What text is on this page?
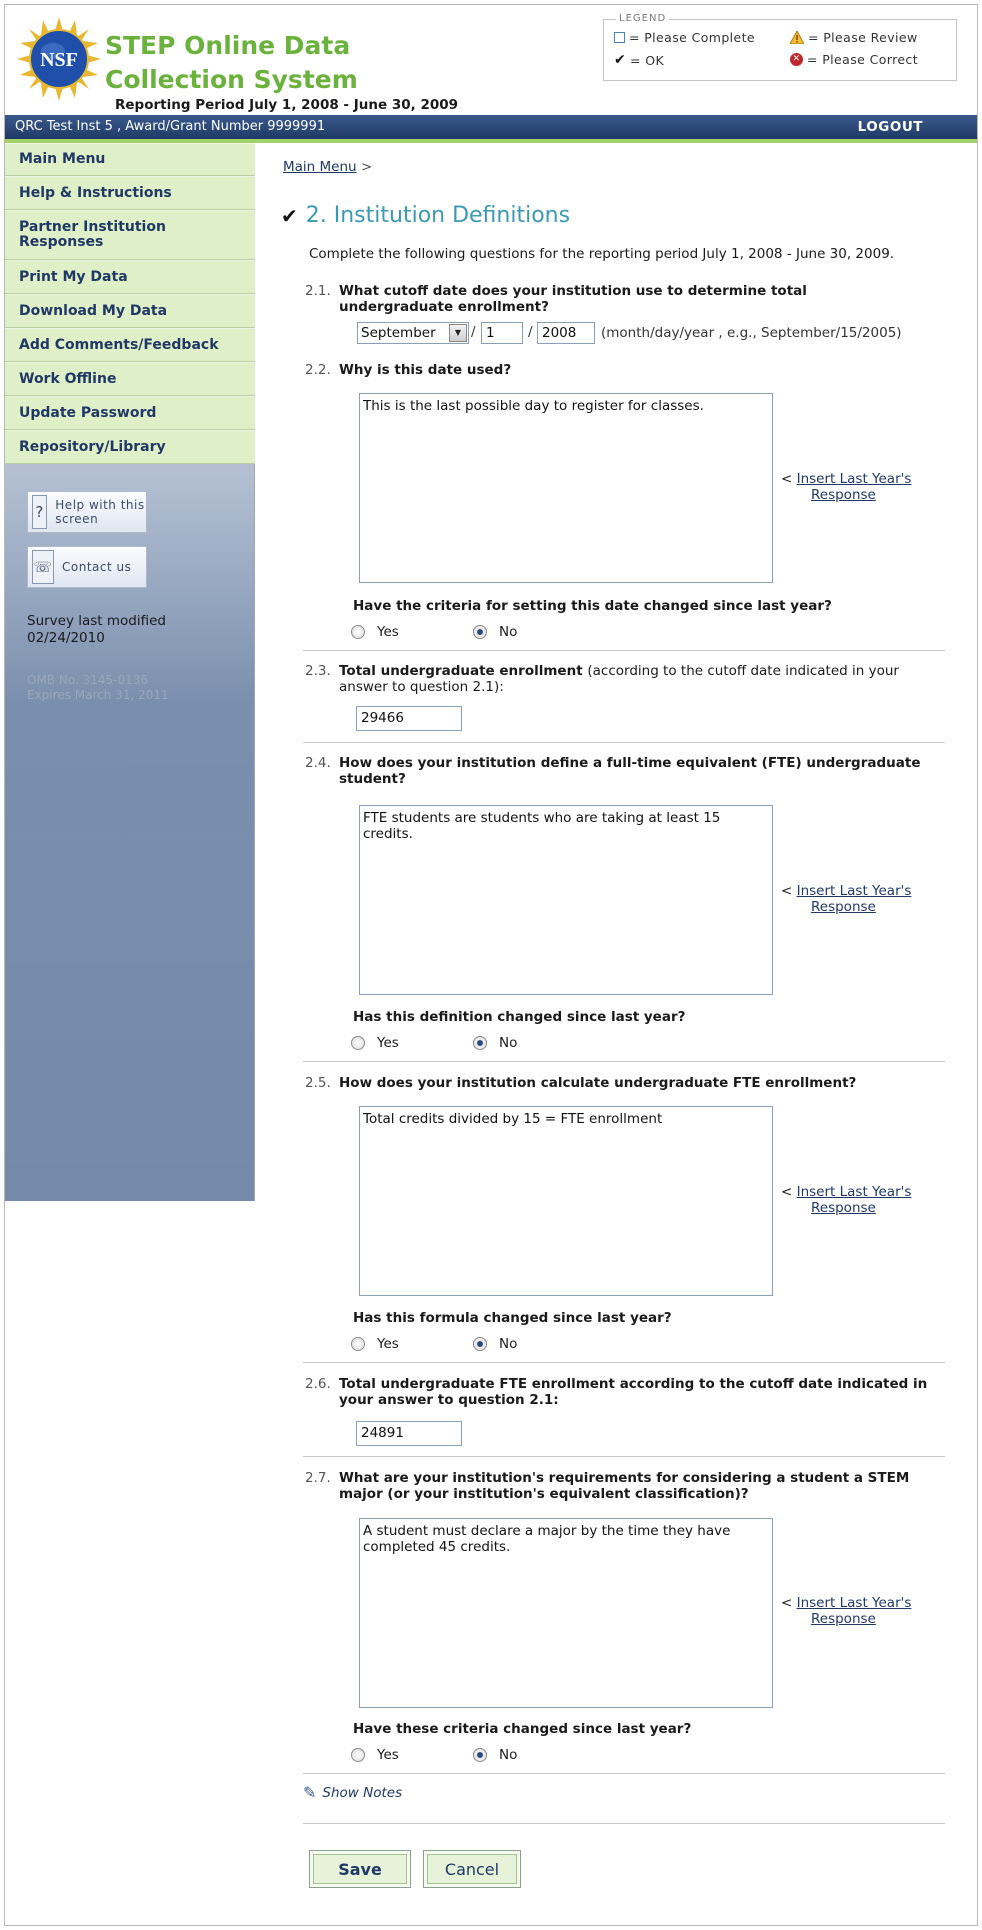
NSF STEP Online Data Collection System
Reporting Period July 1, 2008 - June 30, 2009
LEGEND
= Please Complete	= Please Review
✔ = OK	✕ = Please Correct
QRC Test Inst 5 , Award/Grant Number 9999991	LOGOUT
Main Menu
Help & Instructions
Partner Institution Responses
Print My Data
Download My Data
Add Comments/Feedback
Work Offline
Update Password
Repository/Library
? Help with this screen
☏ Contact us
Survey last modified
02/24/2010
OMB No. 3145-0136
Expires March 31, 2011
Main Menu >
✔ 2. Institution Definitions
Complete the following questions for the reporting period July 1, 2008 - June 30, 2009.
2.1. What cutoff date does your institution use to determine total undergraduate enrollment?
September	▼ / 1	/ 2008	(month/day/year , e.g., September/15/2005)
2.2. Why is this date used?
This is the last possible day to register for classes.
< Insert Last Year's
Response
Have the criteria for setting this date changed since last year?
Yes	No
2.3. Total undergraduate enrollment (according to the cutoff date indicated in your answer to question 2.1):
29466
2.4. How does your institution define a full-time equivalent (FTE) undergraduate student?
FTE students are students who are taking at least 15 credits.
< Insert Last Year's
Response
Has this definition changed since last year?
Yes	No
2.5. How does your institution calculate undergraduate FTE enrollment?
Total credits divided by 15 = FTE enrollment
< Insert Last Year's
Response
Has this formula changed since last year?
Yes	No
2.6. Total undergraduate FTE enrollment according to the cutoff date indicated in your answer to question 2.1:
24891
2.7. What are your institution's requirements for considering a student a STEM major (or your institution's equivalent classification)?
A student must declare a major by the time they have completed 45 credits.
< Insert Last Year's
Response
Have these criteria changed since last year?
Yes	No
✎ Show Notes
Save	Cancel
